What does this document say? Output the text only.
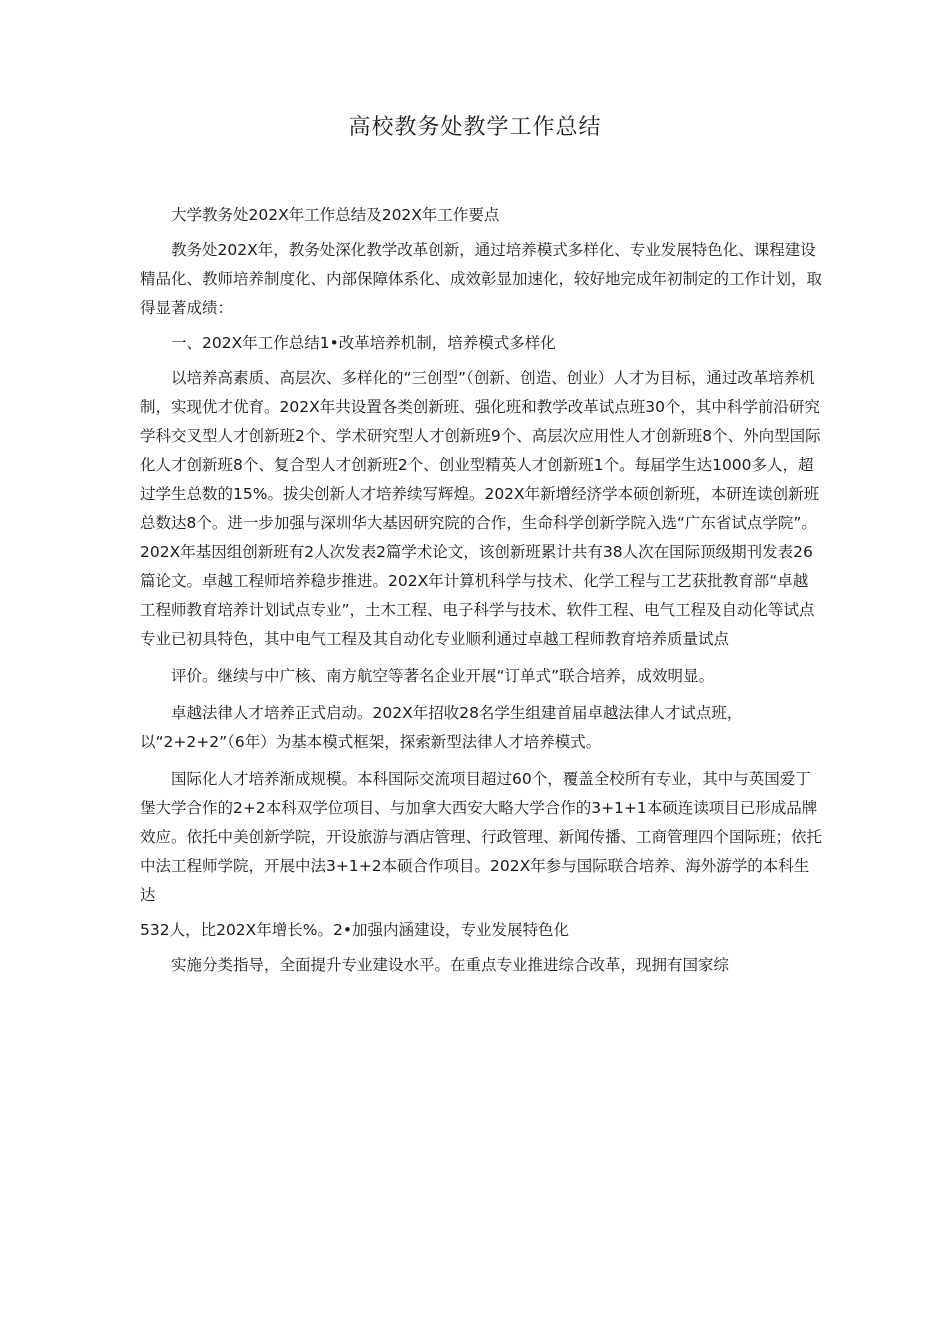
高校教务处教学工作总结

大学教务处202X年工作总结及202X年工作要点

教务处202X年，教务处深化教学改革创新，通过培养模式多样化、专业发展特色化、课程建设精品化、教师培养制度化、内部保障体系化、成效彰显加速化，较好地完成年初制定的工作计划，取得显著成绩：

一、202X年工作总结1•改革培养机制，培养模式多样化

以培养高素质、高层次、多样化的“三创型”（创新、创造、创业）人才为目标，通过改革培养机制，实现优才优育。202X年共设置各类创新班、强化班和教学改革试点班30个，其中科学前沿研究学科交叉型人才创新班2个、学术研究型人才创新班9个、高层次应用性人才创新班8个、外向型国际化人才创新班8个、复合型人才创新班2个、创业型精英人才创新班1个。每届学生达1000多人，超过学生总数的15%。拔尖创新人才培养续写辉煌。202X年新增经济学本硕创新班，本研连读创新班总数达8个。进一步加强与深圳华大基因研究院的合作，生命科学创新学院入选“广东省试点学院”。202X年基因组创新班有2人次发表2篇学术论文，该创新班累计共有38人次在国际顶级期刊发表26篇论文。卓越工程师培养稳步推进。202X年计算机科学与技术、化学工程与工艺获批教育部“卓越工程师教育培养计划试点专业”，土木工程、电子科学与技术、软件工程、电气工程及自动化等试点专业已初具特色，其中电气工程及其自动化专业顺利通过卓越工程师教育培养质量试点

评价。继续与中广核、南方航空等著名企业开展“订单式”联合培养，成效明显。

卓越法律人才培养正式启动。202X年招收28名学生组建首届卓越法律人才试点班，以“2+2+2”（6年）为基本模式框架，探索新型法律人才培养模式。

国际化人才培养渐成规模。本科国际交流项目超过60个，覆盖全校所有专业，其中与英国爱丁堡大学合作的2+2本科双学位项目、与加拿大西安大略大学合作的3+1+1本硕连读项目已形成品牌效应。依托中美创新学院，开设旅游与酒店管理、行政管理、新闻传播、工商管理四个国际班；依托中法工程师学院，开展中法3+1+2本硕合作项目。202X年参与国际联合培养、海外游学的本科生达

532人，比202X年增长%。2•加强内涵建设，专业发展特色化

实施分类指导，全面提升专业建设水平。在重点专业推进综合改革，现拥有国家综
